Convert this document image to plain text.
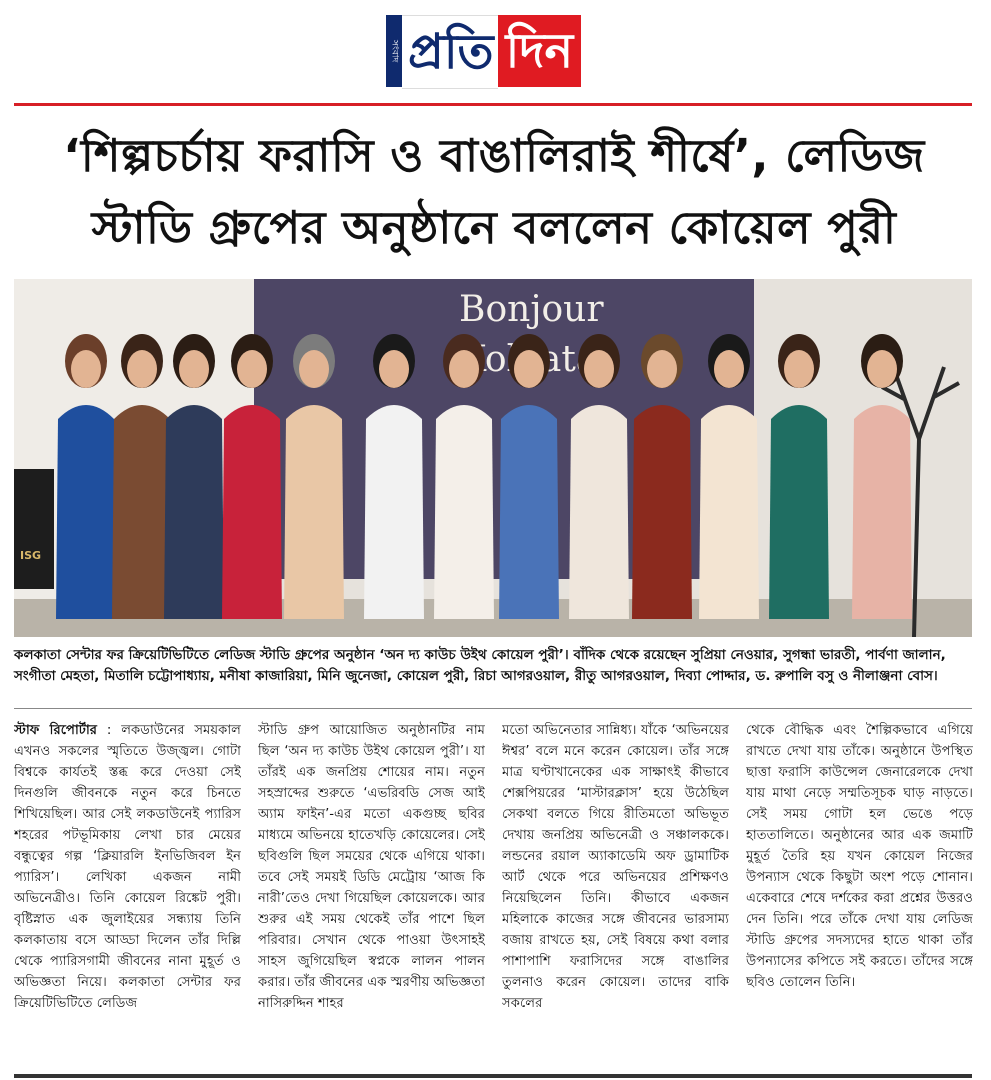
সংবাদ প্রতি দিন
‘শিল্পচর্চায় ফরাসি ও বাঙালিরাই শীর্ষে’, লেডিজ
স্টাডি গ্রুপের অনুষ্ঠানে বললেন কোয়েল পুরী
Bonjour
ISG
কলকাতা সেন্টার ফর ক্রিয়েটিভিটিতে লেডিজ স্টাডি গ্রুপের অনুষ্ঠান ‘অন দ্য কাউচ উইথ কোয়েল পুরী’। বাঁদিক থেকে রয়েছেন সুপ্রিয়া নেওয়ার, সুগন্ধা ভারতী, পার্বণা জালান, সংগীতা মেহতা, মিতালি চট্টোপাধ্যায়, মনীষা কাজারিয়া, মিনি জুনেজা, কোয়েল পুরী, রিচা আগরওয়াল, রীতু আগরওয়াল, দিব্যা পোদ্দার, ড. রুপালি বসু ও নীলাঞ্জনা বোস।
স্টাফ রিপোর্টার : লকডাউনের সময়কাল এখনও সকলের স্মৃতিতে উজ্জ্বল। গোটা বিশ্বকে কার্যতই স্তব্ধ করে দেওয়া সেই দিনগুলি জীবনকে নতুন করে চিনতে শিখিয়েছিল। আর সেই লকডাউনেই প্যারিস শহরের পটভূমিকায় লেখা চার মেয়ের বন্ধুত্বের গল্প ‘ক্লিয়ারলি ইনভিজিবল ইন প্যারিস’। লেখিকা একজন নামী অভিনেত্রীও। তিনি কোয়েল রিঙ্কেট পুরী। বৃষ্টিস্নাত এক জুলাইয়ের সন্ধ্যায় তিনি কলকাতায় বসে আড্ডা দিলেন তাঁর দিল্লি থেকে প্যারিসগামী জীবনের নানা মুহূর্ত ও অভিজ্ঞতা নিয়ে। কলকাতা সেন্টার ফর ক্রিয়েটিভিটিতে লেডিজ
স্টাডি গ্রুপ আয়োজিত অনুষ্ঠানটির নাম ছিল ‘অন দ্য কাউচ উইথ কোয়েল পুরী’। যা তাঁরই এক জনপ্রিয় শোয়ের নাম। নতুন সহস্রাব্দের শুরুতে ‘এভরিবডি সেজ আই অ্যাম ফাইন’-এর মতো একগুচ্ছ ছবির মাধ্যমে অভিনয়ে হাতেখড়ি কোয়েলের। সেই ছবিগুলি ছিল সময়ের থেকে এগিয়ে থাকা। তবে সেই সময়ই ডিডি মেট্রোয় ‘আজ কি নারী’তেও দেখা গিয়েছিল কোয়েলকে। আর শুরুর এই সময় থেকেই তাঁর পাশে ছিল পরিবার। সেখান থেকে পাওয়া উৎসাহই সাহস জুগিয়েছিল স্বপ্নকে লালন পালন করার। তাঁর জীবনের এক স্মরণীয় অভিজ্ঞতা নাসিরুদ্দিন শাহর
মতো অভিনেতার সান্নিধ্য। যাঁকে ‘অভিনয়ের ঈশ্বর’ বলে মনে করেন কোয়েল। তাঁর সঙ্গে মাত্র ঘণ্টাখানেকের এক সাক্ষাৎই কীভাবে শেক্সপিয়রের ‘মাস্টারক্লাস’ হয়ে উঠেছিল সেকথা বলতে গিয়ে রীতিমতো অভিভূত দেখায় জনপ্রিয় অভিনেত্রী ও সঞ্চালককে। লন্ডনের রয়াল অ্যাকাডেমি অফ ড্রামাটিক আর্ট থেকে পরে অভিনয়ের প্রশিক্ষণও নিয়েছিলেন তিনি। কীভাবে একজন মহিলাকে কাজের সঙ্গে জীবনের ভারসাম্য বজায় রাখতে হয়, সেই বিষয়ে কথা বলার পাশাপাশি ফরাসিদের সঙ্গে বাঙালির তুলনাও করেন কোয়েল। তাদের বাকি সকলের
থেকে বৌদ্ধিক এবং শৈল্পিকভাবে এগিয়ে রাখতে দেখা যায় তাঁকে। অনুষ্ঠানে উপস্থিত ছাত্তা ফরাসি কাউন্সেল জেনারেলকে দেখা যায় মাথা নেড়ে সম্মতিসূচক ঘাড় নাড়তে। সেই সময় গোটা হল ভেঙে পড়ে হাততালিতে। অনুষ্ঠানের আর এক জমাটি মুহূর্ত তৈরি হয় যখন কোয়েল নিজের উপন্যাস থেকে কিছুটা অংশ পড়ে শোনান। একেবারে শেষে দর্শকের করা প্রশ্নের উত্তরও দেন তিনি। পরে তাঁকে দেখা যায় লেডিজ স্টাডি গ্রুপের সদস্যদের হাতে থাকা তাঁর উপন্যাসের কপিতে সই করতে। তাঁদের সঙ্গে ছবিও তোলেন তিনি।
